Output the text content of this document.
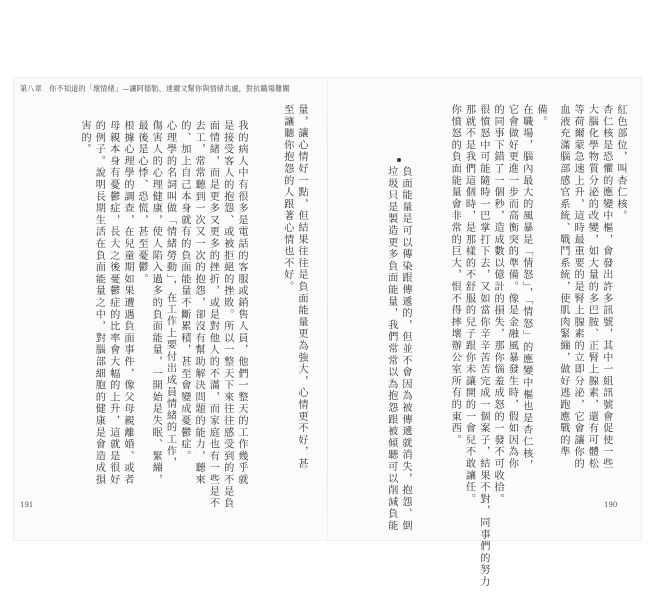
第八章　你不知道的「壞情緒」—讓阿德勒、達爾文幫你與情緒共處，對抗職場難關
量，讓心情好一點，但結果往往是負面能量更為強大，心情更不好，甚
至讓聽你抱怨的人跟著心情也不好。
我的病人中有很多是電話的客服或銷售人員，他們一整天的工作幾乎就
是接受客人的抱怨、或被拒絕的挫敗。所以一整天下來往往感受到的不是負
面情緒，而是更多又更多的挫折，或是對他人的不滿，而家庭也有一些是不
去工，常常聽到一次又一次的抱怨，卻沒有幫助解決問題的能力，聽來
的、加上自己本身就有的負面能量不斷累積，甚至會變成憂鬱症。
心理學的名詞叫做「情緒勞動」，在工作上要付出成員情緒的工作，
傷害人的心理健康，使人陷入過多的負面能量，一開始是失眠、緊繃，
最後是心悸、恐慌，甚至憂鬱。
根據心理學的調查，在兒童期如果遭遇負面事件，像父母親離婚、或者
母親本身有憂鬱症，長大之後憂鬱症的比率會大幅的上升，這就是很好
的例子。說明長期生活在負面能量之中，對腦部細胞的健康是會造成損
害的。
191
紅色部位，叫杏仁核。
杏仁核是恐懼的應變中樞，會發出許多訊號，其中一組訊號會促使一些
大腦化學物質分泌的改變，如大量的多巴胺、正腎上腺素，還有可體松
等荷爾蒙急速上升，這時最重要的是腎上腺素的立即分泌，它會讓你的
血液充滿腦部感官系統、戰鬥系統，使肌肉緊繃，做好逃跑應戰的準
備。
在職場，腦內最大的風暴是「情怒」，「情怒」的應變中樞也是杏仁核，
它會做好更進一步而高衡突的準備。像是金融風暴發生時，假如因為你
的同事下錯了一個秒，造成數以億計的損失，那你惱羞成怒的一發不可收拾。
很憤怒中可能隨時一巴掌打下去，又如當你辛辛苦苦完成一個案子，結果不對，同事們的努力
那就不是我們這個時，是那樣的不舒服的兒子跟你未讓開的一會兒不敢讓任。
你憤怒的負面能量會非常的巨大，恨不得摔壞辦公室所有的東西。
負面能量是可以傳染跟傳遞的，但並不會因為被傳遞就消失，抱怨、倒
垃圾只是製造更多負面能量，我們常常以為抱怨跟被傾聽可以削減負能	190
